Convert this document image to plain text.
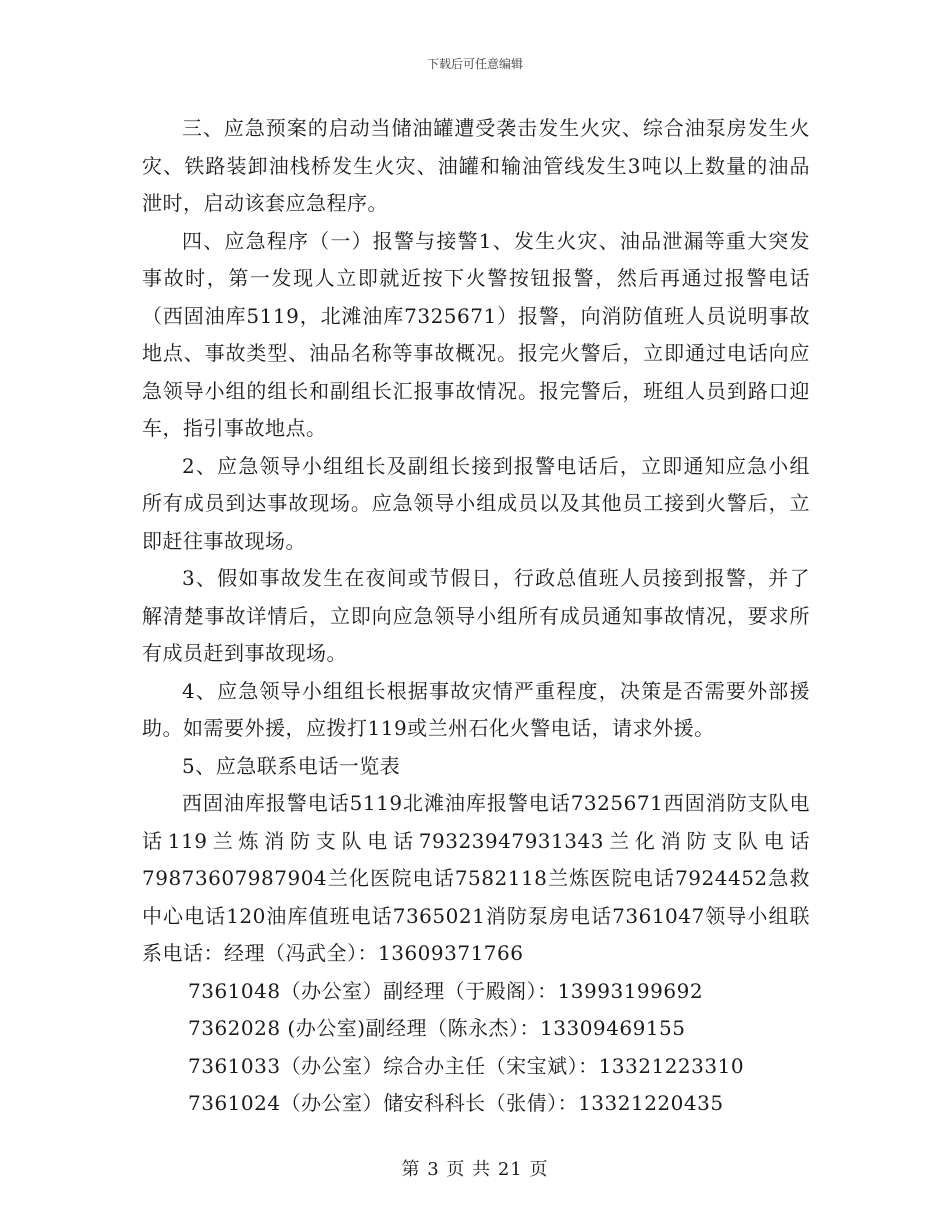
下载后可任意编辑

三、应急预案的启动当储油罐遭受袭击发生火灾、综合油泵房发生火灾、铁路装卸油栈桥发生火灾、油罐和输油管线发生3吨以上数量的油品泄时，启动该套应急程序。

四、应急程序（一）报警与接警1、发生火灾、油品泄漏等重大突发事故时，第一发现人立即就近按下火警按钮报警，然后再通过报警电话（西固油库5119，北滩油库7325671）报警，向消防值班人员说明事故地点、事故类型、油品名称等事故概况。报完火警后，立即通过电话向应急领导小组的组长和副组长汇报事故情况。报完警后，班组人员到路口迎车，指引事故地点。

2、应急领导小组组长及副组长接到报警电话后，立即通知应急小组所有成员到达事故现场。应急领导小组成员以及其他员工接到火警后，立即赶往事故现场。

3、假如事故发生在夜间或节假日，行政总值班人员接到报警，并了解清楚事故详情后，立即向应急领导小组所有成员通知事故情况，要求所有成员赶到事故现场。

4、应急领导小组组长根据事故灾情严重程度，决策是否需要外部援助。如需要外援，应拨打119或兰州石化火警电话，请求外援。

5、应急联系电话一览表

西固油库报警电话5119北滩油库报警电话7325671西固消防支队电话119兰炼消防支队电话79323947931343兰化消防支队电话79873607987904兰化医院电话7582118兰炼医院电话7924452急救中心电话120油库值班电话7365021消防泵房电话7361047领导小组联系电话：经理（冯武全）：13609371766

7361048（办公室）副经理（于殿阁）：13993199692

7362028 (办公室)副经理（陈永杰）：13309469155

7361033（办公室）综合办主任（宋宝斌）：13321223310

7361024（办公室）储安科科长（张倩）：13321220435

第 3 页 共 21 页
